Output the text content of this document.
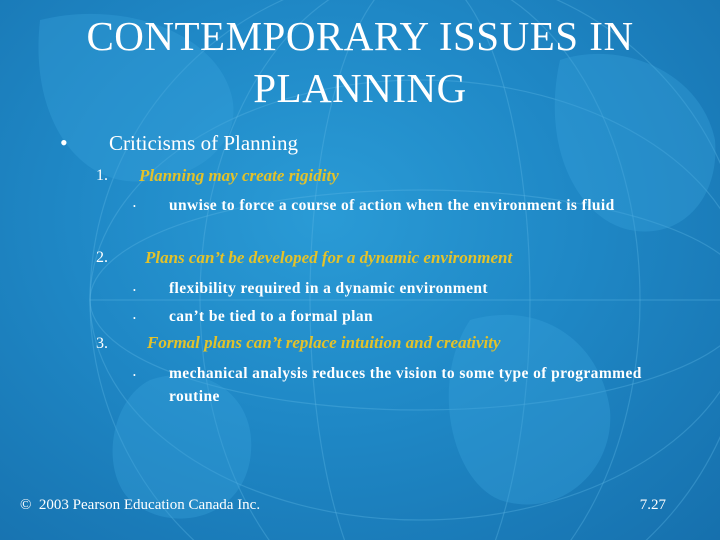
CONTEMPORARY ISSUES IN
PLANNING
• Criticisms of Planning
1. Planning may create rigidity
• unwise to force a course of action when the environment is fluid
2. Plans can’t be developed for a dynamic environment
• flexibility required in a dynamic environment
• can’t be tied to a formal plan
3. Formal plans can’t replace intuition and creativity
• mechanical analysis reduces the vision to some type of programmed routine
© 2003 Pearson Education Canada Inc.	7.27
